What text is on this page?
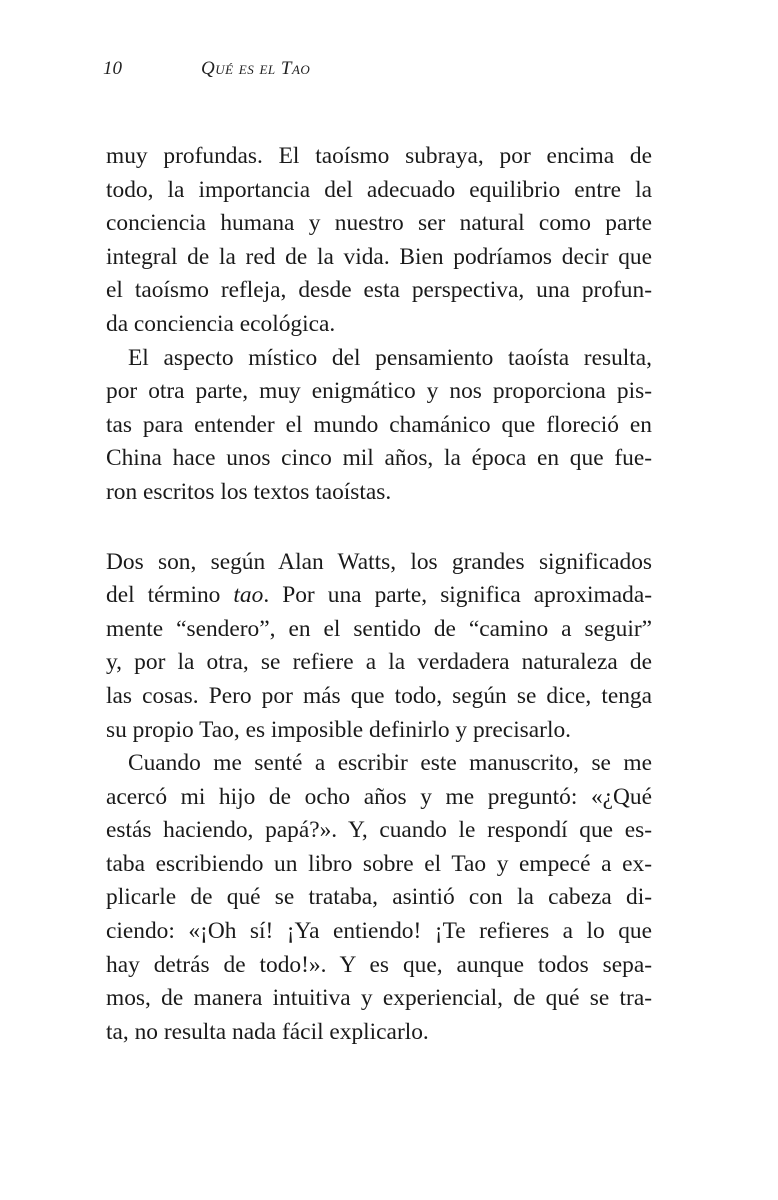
10	Qué es el Tao

muy profundas. El taoísmo subraya, por encima de
todo, la importancia del adecuado equilibrio entre la
conciencia humana y nuestro ser natural como parte
integral de la red de la vida. Bien podríamos decir que
el taoísmo refleja, desde esta perspectiva, una profun-
da conciencia ecológica.

El aspecto místico del pensamiento taoísta resulta,
por otra parte, muy enigmático y nos proporciona pis-
tas para entender el mundo chamánico que floreció en
China hace unos cinco mil años, la época en que fue-
ron escritos los textos taoístas.

Dos son, según Alan Watts, los grandes significados
del término tao. Por una parte, significa aproximada-
mente “sendero”, en el sentido de “camino a seguir”
y, por la otra, se refiere a la verdadera naturaleza de
las cosas. Pero por más que todo, según se dice, tenga
su propio Tao, es imposible definirlo y precisarlo.

Cuando me senté a escribir este manuscrito, se me
acercó mi hijo de ocho años y me preguntó: «¿Qué
estás haciendo, papá?». Y, cuando le respondí que es-
taba escribiendo un libro sobre el Tao y empecé a ex-
plicarle de qué se trataba, asintió con la cabeza di-
ciendo: «¡Oh sí! ¡Ya entiendo! ¡Te refieres a lo que
hay detrás de todo!». Y es que, aunque todos sepa-
mos, de manera intuitiva y experiencial, de qué se tra-
ta, no resulta nada fácil explicarlo.
